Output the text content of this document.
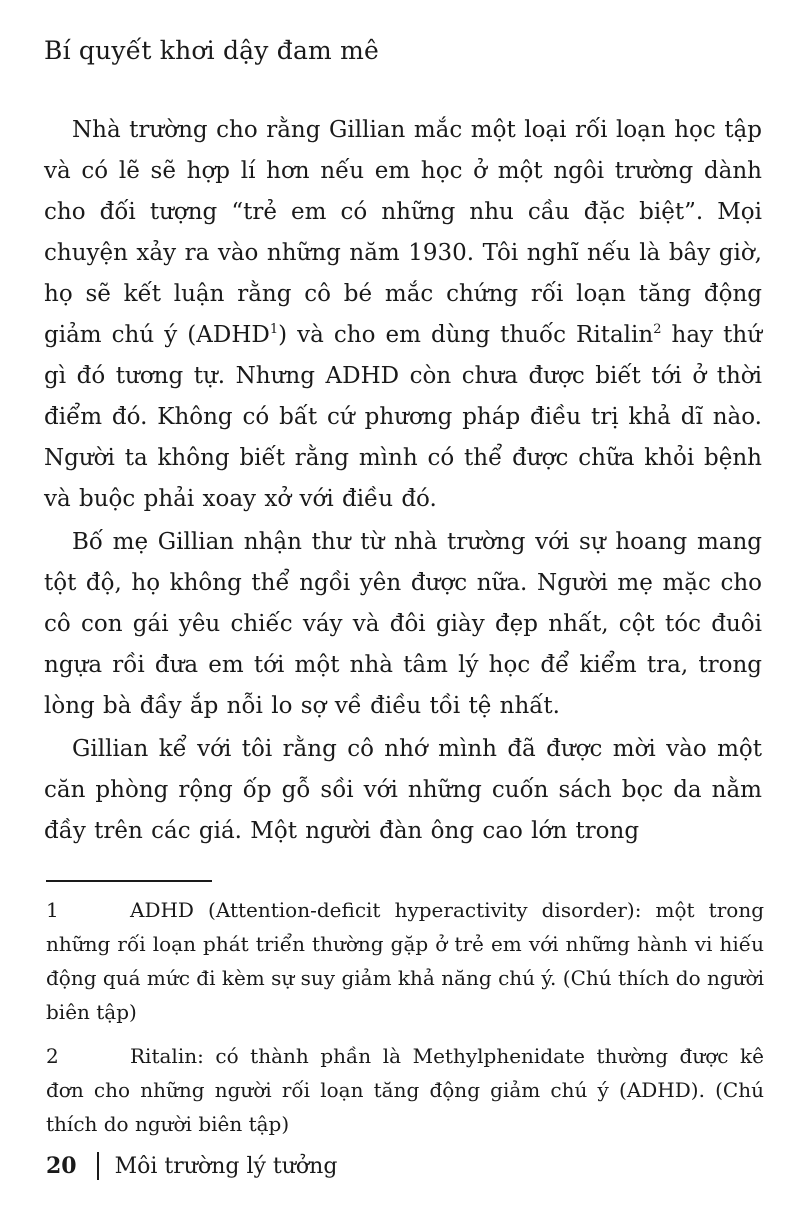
Bí quyết khơi dậy đam mê

Nhà trường cho rằng Gillian mắc một loại rối loạn học tập và có lẽ sẽ hợp lí hơn nếu em học ở một ngôi trường dành cho đối tượng “trẻ em có những nhu cầu đặc biệt”. Mọi chuyện xảy ra vào những năm 1930. Tôi nghĩ nếu là bây giờ, họ sẽ kết luận rằng cô bé mắc chứng rối loạn tăng động giảm chú ý (ADHD$^1$) và cho em dùng thuốc Ritalin$^2$ hay thứ gì đó tương tự. Nhưng ADHD còn chưa được biết tới ở thời điểm đó. Không có bất cứ phương pháp điều trị khả dĩ nào. Người ta không biết rằng mình có thể được chữa khỏi bệnh và buộc phải xoay xở với điều đó.

Bố mẹ Gillian nhận thư từ nhà trường với sự hoang mang tột độ, họ không thể ngồi yên được nữa. Người mẹ mặc cho cô con gái yêu chiếc váy và đôi giày đẹp nhất, cột tóc đuôi ngựa rồi đưa em tới một nhà tâm lý học để kiểm tra, trong lòng bà đầy ắp nỗi lo sợ về điều tồi tệ nhất.

Gillian kể với tôi rằng cô nhớ mình đã được mời vào một căn phòng rộng ốp gỗ sồi với những cuốn sách bọc da nằm đầy trên các giá. Một người đàn ông cao lớn trong

1	ADHD (Attention-deficit hyperactivity disorder): một trong những rối loạn phát triển thường gặp ở trẻ em với những hành vi hiếu động quá mức đi kèm sự suy giảm khả năng chú ý. (Chú thích do người biên tập)

2	Ritalin: có thành phần là Methylphenidate thường được kê đơn cho những người rối loạn tăng động giảm chú ý (ADHD). (Chú thích do người biên tập)

20 Môi trường lý tưởng
